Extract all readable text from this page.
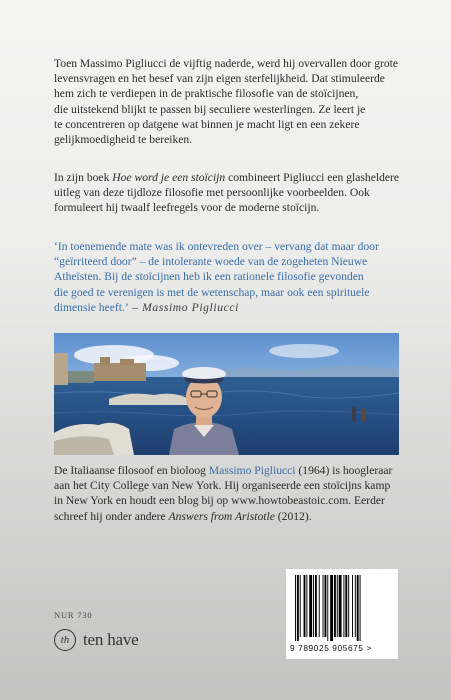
Toen Massimo Pigliucci de vijftig naderde, werd hij overvallen door grote
levensvragen en het besef van zijn eigen sterfelijkheid. Dat stimuleerde
hem zich te verdiepen in de praktische filosofie van de stoïcijnen,
die uitstekend blijkt te passen bij seculiere westerlingen. Ze leert je
te concentreren op datgene wat binnen je macht ligt en een zekere
gelijkmoedigheid te bereiken.
In zijn boek Hoe word je een stoïcijn combineert Pigliucci een glasheldere
uitleg van deze tijdloze filosofie met persoonlijke voorbeelden. Ook
formuleert hij twaalf leefregels voor de moderne stoïcijn.
‘In toenemende mate was ik ontevreden over – vervang dat maar door
“geïrriteerd door” – de intolerante woede van de zogeheten Nieuwe
Atheïsten. Bij de stoïcijnen heb ik een rationele filosofie gevonden
die goed te verenigen is met de wetenschap, maar ook een spirituele
dimensie heeft.’ – Massimo Pigliucci
De Italiaanse filosoof en bioloog Massimo Pigliucci (1964) is hoogleraar
aan het City College van New York. Hij organiseerde een stoïcijns kamp
in New York en houdt een blog bij op www.howtobeastoic.com. Eerder
schreef hij onder andere Answers from Aristotle (2012).
NUR 730
th ten have	9 789025 905675 >
